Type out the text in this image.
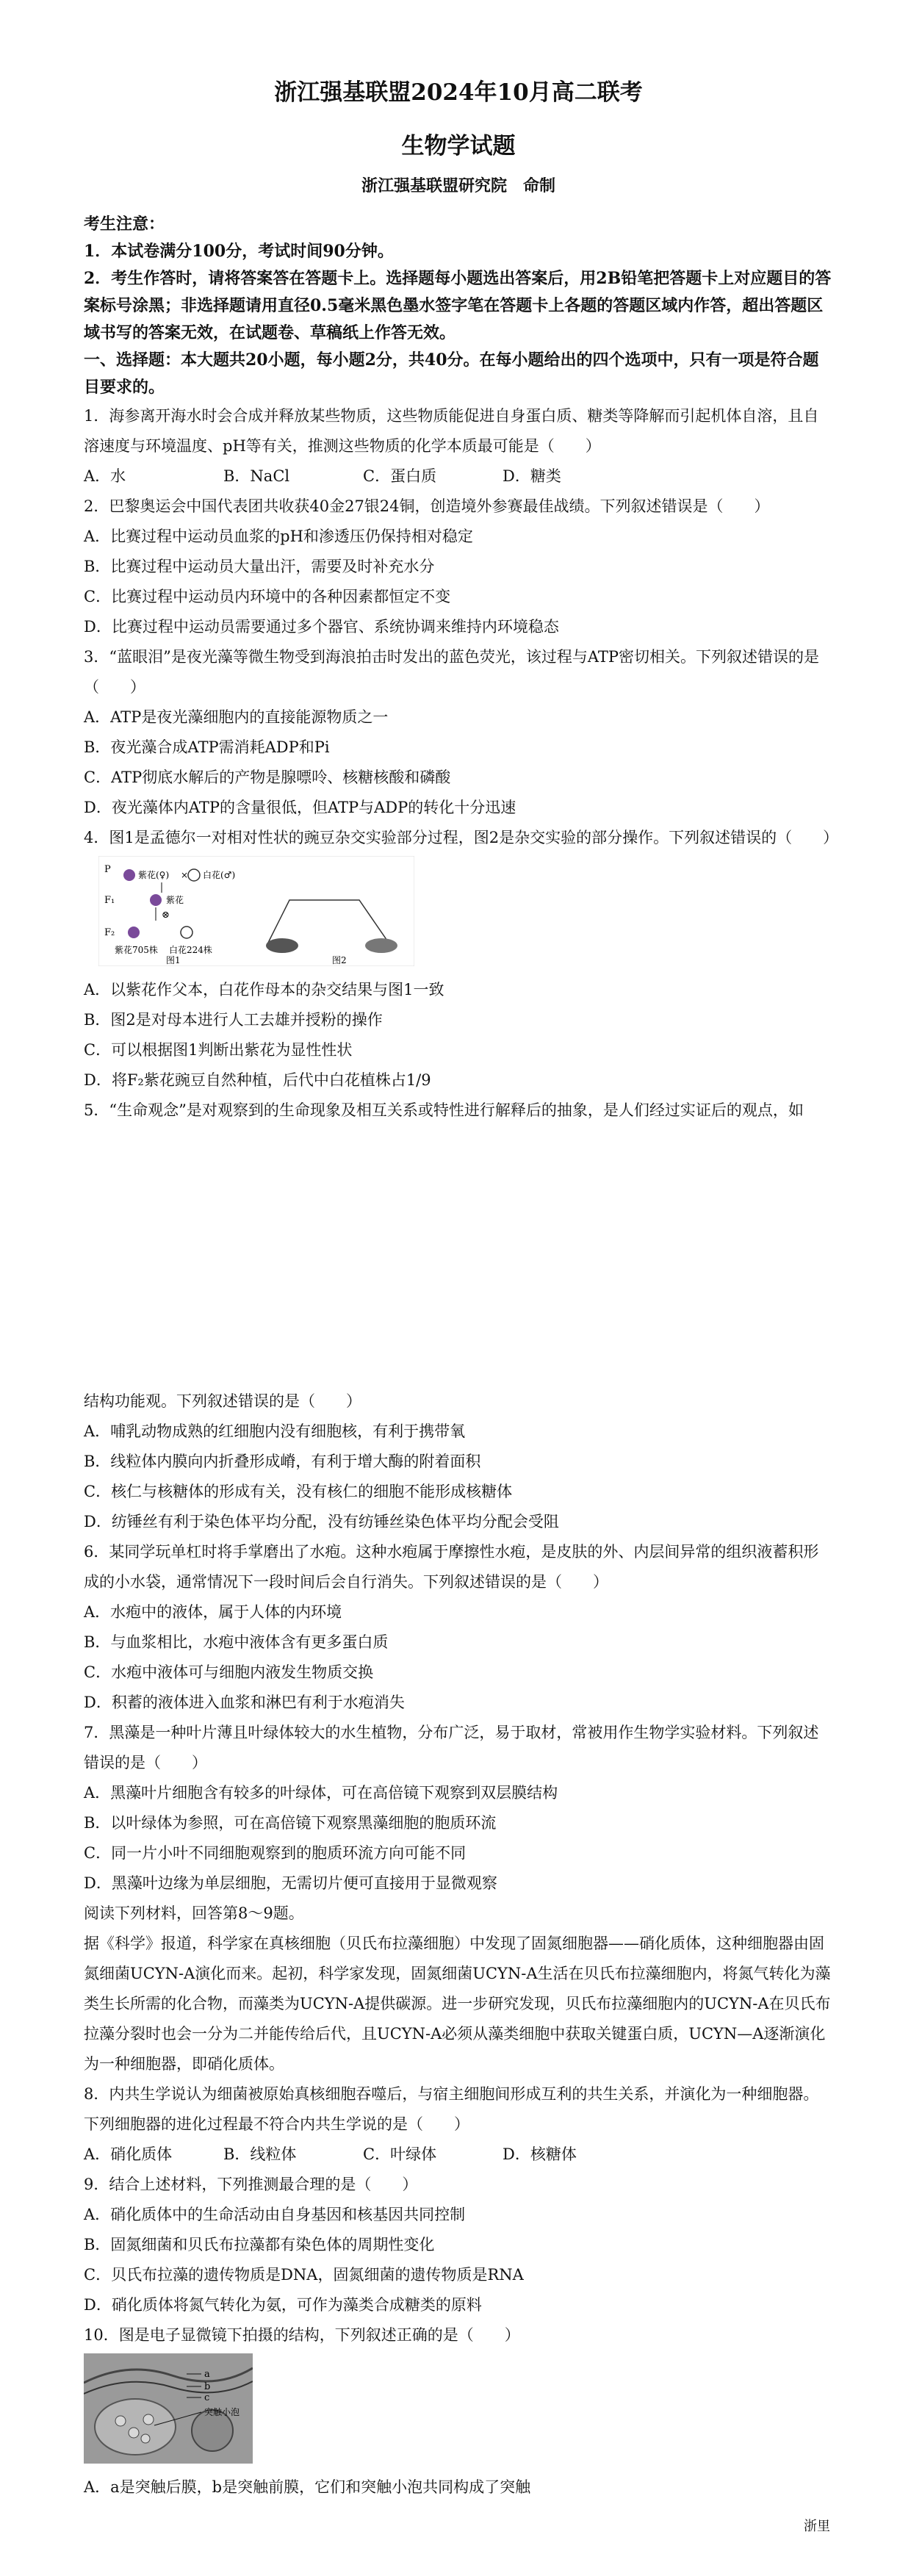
浙江强基联盟2024年10月高二联考
生物学试题
浙江强基联盟研究院　命制
考生注意：
1．本试卷满分100分，考试时间90分钟。
2．考生作答时，请将答案答在答题卡上。选择题每小题选出答案后，用2B铅笔把答题卡上对应题目的答案标号涂黑；非选择题请用直径0.5毫米黑色墨水签字笔在答题卡上各题的答题区域内作答，超出答题区域书写的答案无效，在试题卷、草稿纸上作答无效。
一、选择题：本大题共20小题，每小题2分，共40分。在每小题给出的四个选项中，只有一项是符合题目要求的。

1．海参离开海水时会合成并释放某些物质，这些物质能促进自身蛋白质、糖类等降解而引起机体自溶，且自溶速度与环境温度、pH等有关，推测这些物质的化学本质最可能是（　　）

A．水	B．NaCl	C．蛋白质	D．糖类

2．巴黎奥运会中国代表团共收获40金27银24铜，创造境外参赛最佳战绩。下列叙述错误是（　　）

A．比赛过程中运动员血浆的pH和渗透压仍保持相对稳定

B．比赛过程中运动员大量出汗，需要及时补充水分

C．比赛过程中运动员内环境中的各种因素都恒定不变

D．比赛过程中运动员需要通过多个器官、系统协调来维持内环境稳态

3．“蓝眼泪”是夜光藻等微生物受到海浪拍击时发出的蓝色荧光，该过程与ATP密切相关。下列叙述错误的是（　　）

A．ATP是夜光藻细胞内的直接能源物质之一

B．夜光藻合成ATP需消耗ADP和Pi

C．ATP彻底水解后的产物是腺嘌呤、核糖核酸和磷酸

D．夜光藻体内ATP的含量很低，但ATP与ADP的转化十分迅速

4．图1是孟德尔一对相对性状的豌豆杂交实验部分过程，图2是杂交实验的部分操作。下列叙述错误的（　　）

P	紫花(♀) × 白花(♂)
F₁	紫花
⊗
F₂
紫花705株 白花224株
图1	图2

A．以紫花作父本，白花作母本的杂交结果与图1一致

B．图2是对母本进行人工去雄并授粉的操作

C．可以根据图1判断出紫花为显性性状

D．将F₂紫花豌豆自然种植，后代中白花植株占1/9

5．“生命观念”是对观察到的生命现象及相互关系或特性进行解释后的抽象，是人们经过实证后的观点，如

结构功能观。下列叙述错误的是（　　）

A．哺乳动物成熟的红细胞内没有细胞核，有利于携带氧

B．线粒体内膜向内折叠形成嵴，有利于增大酶的附着面积

C．核仁与核糖体的形成有关，没有核仁的细胞不能形成核糖体

D．纺锤丝有利于染色体平均分配，没有纺锤丝染色体平均分配会受阻

6．某同学玩单杠时将手掌磨出了水疱。这种水疱属于摩擦性水疱，是皮肤的外、内层间异常的组织液蓄积形成的小水袋，通常情况下一段时间后会自行消失。下列叙述错误的是（　　）

A．水疱中的液体，属于人体的内环境

B．与血浆相比，水疱中液体含有更多蛋白质

C．水疱中液体可与细胞内液发生物质交换

D．积蓄的液体进入血浆和淋巴有利于水疱消失

7．黑藻是一种叶片薄且叶绿体较大的水生植物，分布广泛，易于取材，常被用作生物学实验材料。下列叙述错误的是（　　）

A．黑藻叶片细胞含有较多的叶绿体，可在高倍镜下观察到双层膜结构

B．以叶绿体为参照，可在高倍镜下观察黑藻细胞的胞质环流

C．同一片小叶不同细胞观察到的胞质环流方向可能不同

D．黑藻叶边缘为单层细胞，无需切片便可直接用于显微观察

阅读下列材料，回答第8～9题。

据《科学》报道，科学家在真核细胞（贝氏布拉藻细胞）中发现了固氮细胞器——硝化质体，这种细胞器由固氮细菌UCYN-A演化而来。起初，科学家发现，固氮细菌UCYN-A生活在贝氏布拉藻细胞内，将氮气转化为藻类生长所需的化合物，而藻类为UCYN-A提供碳源。进一步研究发现，贝氏布拉藻细胞内的UCYN-A在贝氏布拉藻分裂时也会一分为二并能传给后代，且UCYN-A必须从藻类细胞中获取关键蛋白质，UCYN—A逐渐演化为一种细胞器，即硝化质体。

8．内共生学说认为细菌被原始真核细胞吞噬后，与宿主细胞间形成互利的共生关系，并演化为一种细胞器。下列细胞器的进化过程最不符合内共生学说的是（　　）

A．硝化质体	B．线粒体	C．叶绿体	D．核糖体

9．结合上述材料，下列推测最合理的是（　　）

A．硝化质体中的生命活动由自身基因和核基因共同控制

B．固氮细菌和贝氏布拉藻都有染色体的周期性变化

C．贝氏布拉藻的遗传物质是DNA，固氮细菌的遗传物质是RNA

D．硝化质体将氮气转化为氨，可作为藻类合成糖类的原料

10．图是电子显微镜下拍摄的结构，下列叙述正确的是（　　）

a
b
c
突触小泡

A．a是突触后膜，b是突触前膜，它们和突触小泡共同构成了突触

浙里
